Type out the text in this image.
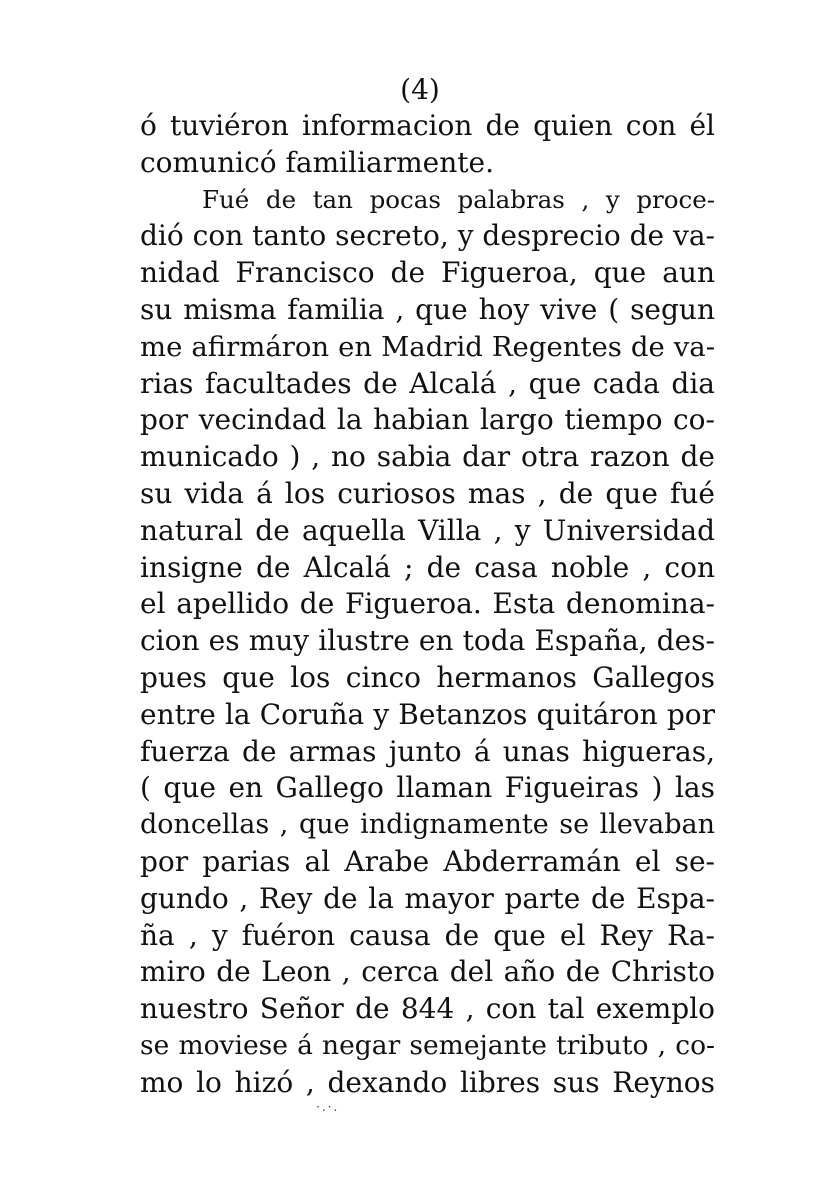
(4)
ó tuviéron informacion de quien con él
comunicó familiarmente.
Fué de tan pocas palabras , y proce-
dió con tanto secreto, y desprecio de va-
nidad Francisco de Figueroa, que aun
su misma familia , que hoy vive ( segun
me afirmáron en Madrid Regentes de va-
rias facultades de Alcalá , que cada dia
por vecindad la habian largo tiempo co-
municado ) , no sabia dar otra razon de
su vida á los curiosos mas , de que fué
natural de aquella Villa , y Universidad
insigne de Alcalá ; de casa noble , con
el apellido de Figueroa. Esta denomina-
cion es muy ilustre en toda España, des-
pues que los cinco hermanos Gallegos
entre la Coruña y Betanzos quitáron por
fuerza de armas junto á unas higueras,
( que en Gallego llaman Figueiras ) las
doncellas , que indignamente se llevaban
por parias al Arabe Abderramán el se-
gundo , Rey de la mayor parte de Espa-
ña , y fuéron causa de que el Rey Ra-
miro de Leon , cerca del año de Christo
nuestro Señor de 844 , con tal exemplo
se moviese á negar semejante tributo , co-
mo lo hizó , dexando libres sus Reynos
·.·.
